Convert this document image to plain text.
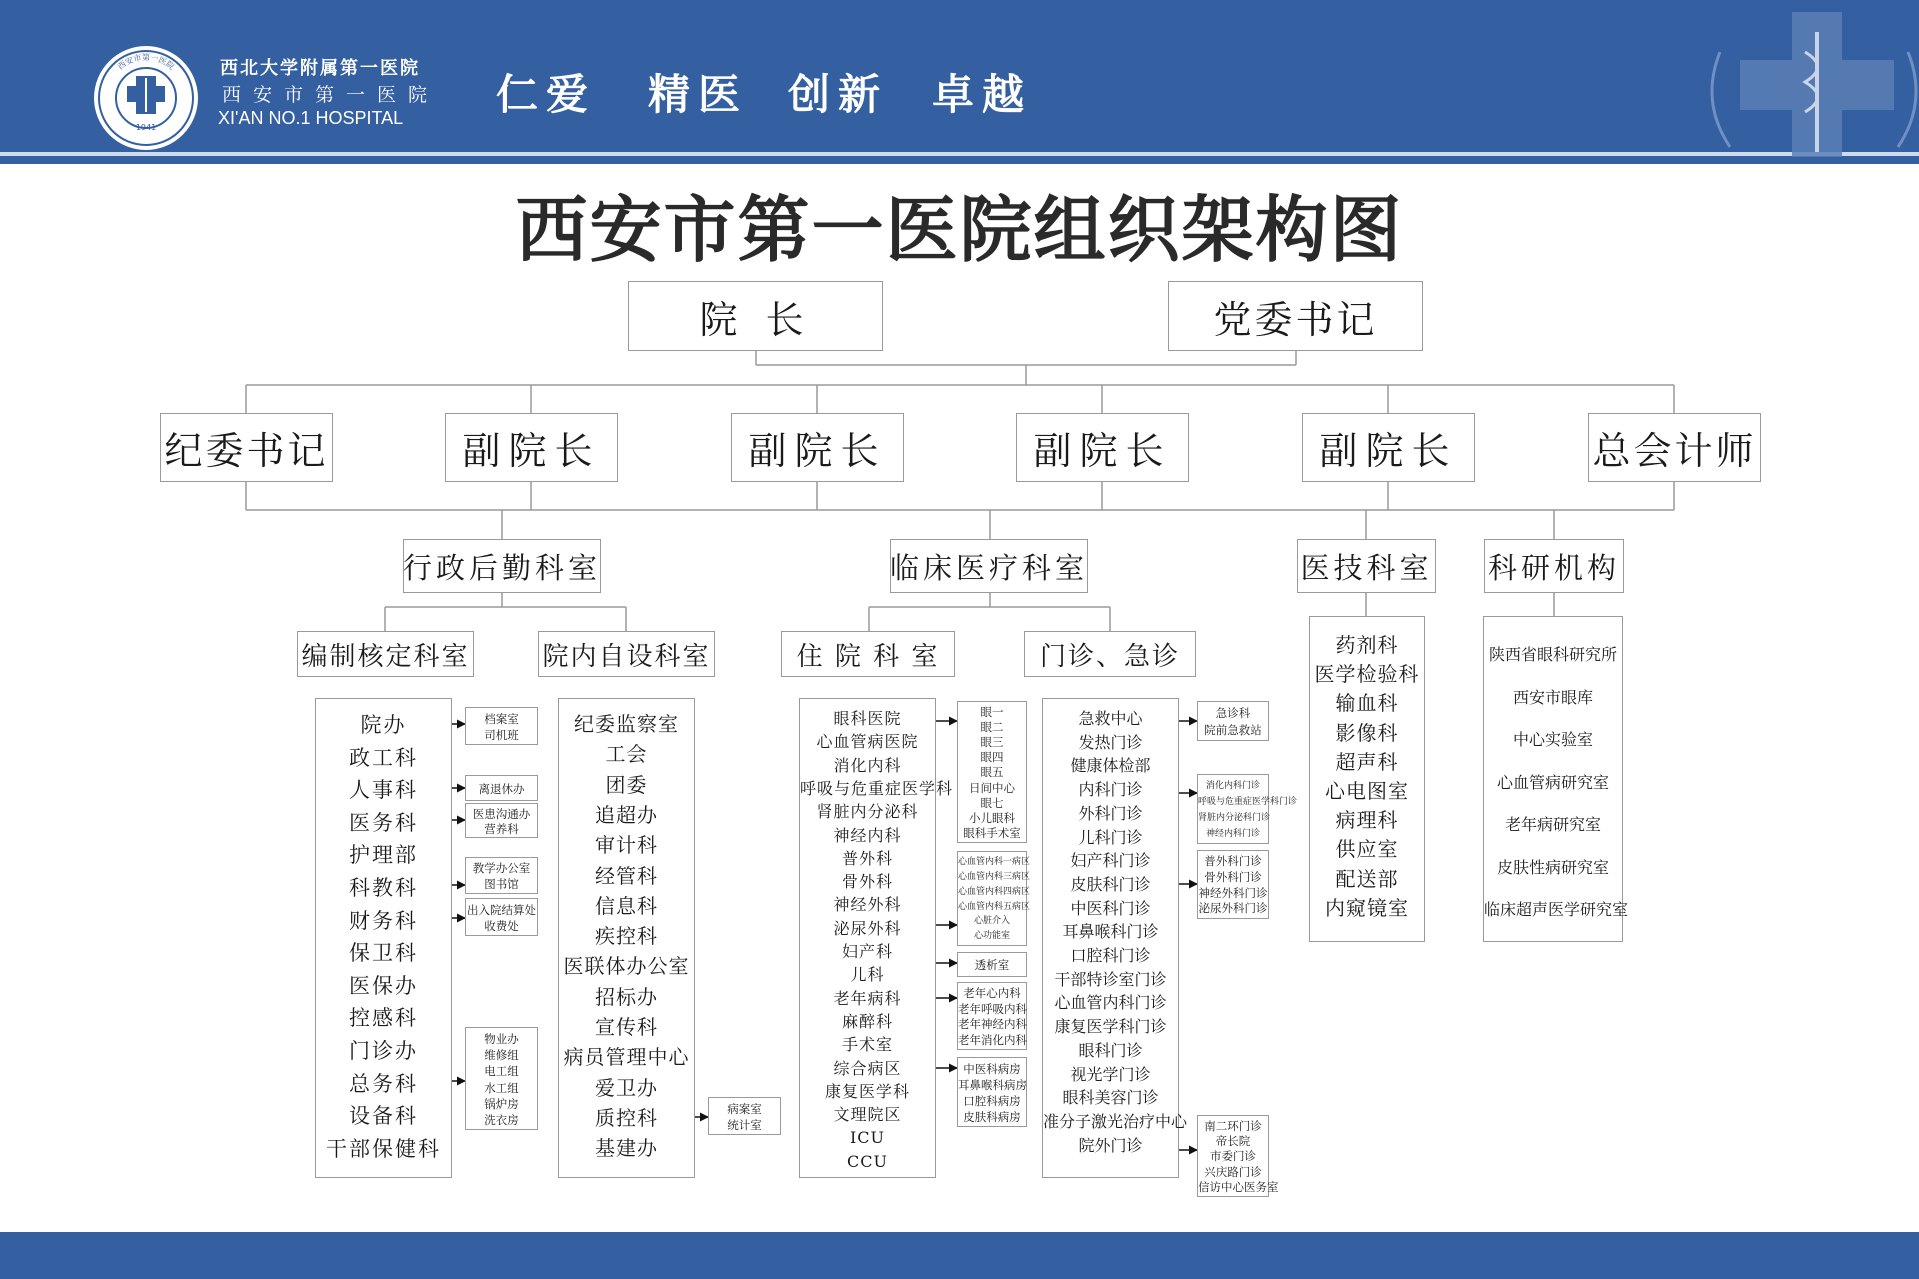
西安市第一医院
1941
西北大学附属第一医院
西安市第一医院
XI'AN NO.1 HOSPITAL 仁爱 精医 创新 卓越
西安市第一医院组织架构图
院 长	党委书记
纪委书记	副院长	副院长	副院长	副院长	总会计师
行政后勤科室	临床医疗科室	医技科室 科研机构
编制核定科室	院内自设科室	住 院 科 室	门诊、急诊
院办
政工科
人事科
医务科
护理部
科教科
财务科
保卫科
医保办
控感科
门诊办
总务科
设备科
干部保健科
纪委监察室
工会
团委
追超办
审计科
经管科
信息科
疾控科
医联体办公室
招标办
宣传科
病员管理中心
爱卫办
质控科
基建办
眼科医院
心血管病医院
消化内科
呼吸与危重症医学科
肾脏内分泌科
神经内科
普外科
骨外科
神经外科
泌尿外科
妇产科
儿科
老年病科
麻醉科
手术室
综合病区
康复医学科
文理院区
ICU
CCU
急救中心
发热门诊
健康体检部
内科门诊
外科门诊
儿科门诊
妇产科门诊
皮肤科门诊
中医科门诊
耳鼻喉科门诊
口腔科门诊
干部特诊室门诊
心血管内科门诊
康复医学科门诊
眼科门诊
视光学门诊
眼科美容门诊
准分子激光治疗中心
院外门诊
药剂科
医学检验科
输血科
影像科
超声科
心电图室
病理科
供应室
配送部
内窥镜室
陕西省眼科研究所
西安市眼库
中心实验室
心血管病研究室
老年病研究室
皮肤性病研究室
临床超声医学研究室
档案室
司机班
离退休办
医患沟通办
营养科
教学办公室
图书馆
出入院结算处
收费处
物业办
维修组
电工组
水工组
锅炉房
洗衣房
病案室
统计室
眼一
眼二
眼三
眼四
眼五
日间中心
眼七
小儿眼科
眼科手术室
心血管内科一病区
心血管内科三病区
心血管内科四病区
心血管内科五病区
心脏介入
心功能室
透析室
老年心内科
老年呼吸内科
老年神经内科
老年消化内科
中医科病房
耳鼻喉科病房
口腔科病房
皮肤科病房
急诊科
院前急救站
消化内科门诊
呼吸与危重症医学科门诊
肾脏内分泌科门诊
神经内科门诊
普外科门诊
骨外科门诊
神经外科门诊
泌尿外科门诊
南二环门诊
帝长院
市委门诊
兴庆路门诊
信访中心医务室
